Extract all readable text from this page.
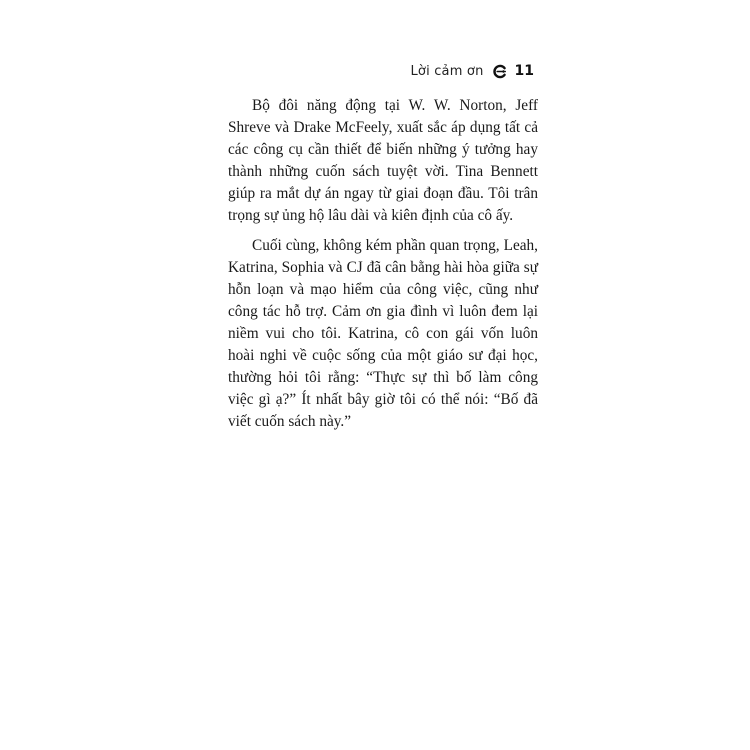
Lời cảm ơn 11

Bộ đôi năng động tại W. W. Norton, Jeff Shreve và Drake McFeely, xuất sắc áp dụng tất cả các công cụ cần thiết để biến những ý tưởng hay thành những cuốn sách tuyệt vời. Tina Bennett giúp ra mắt dự án ngay từ giai đoạn đầu. Tôi trân trọng sự ủng hộ lâu dài và kiên định của cô ấy.

Cuối cùng, không kém phần quan trọng, Leah, Katrina, Sophia và CJ đã cân bằng hài hòa giữa sự hỗn loạn và mạo hiểm của công việc, cũng như công tác hỗ trợ. Cảm ơn gia đình vì luôn đem lại niềm vui cho tôi. Katrina, cô con gái vốn luôn hoài nghi về cuộc sống của một giáo sư đại học, thường hỏi tôi rằng: “Thực sự thì bố làm công việc gì ạ?” Ít nhất bây giờ tôi có thể nói: “Bố đã viết cuốn sách này.”
